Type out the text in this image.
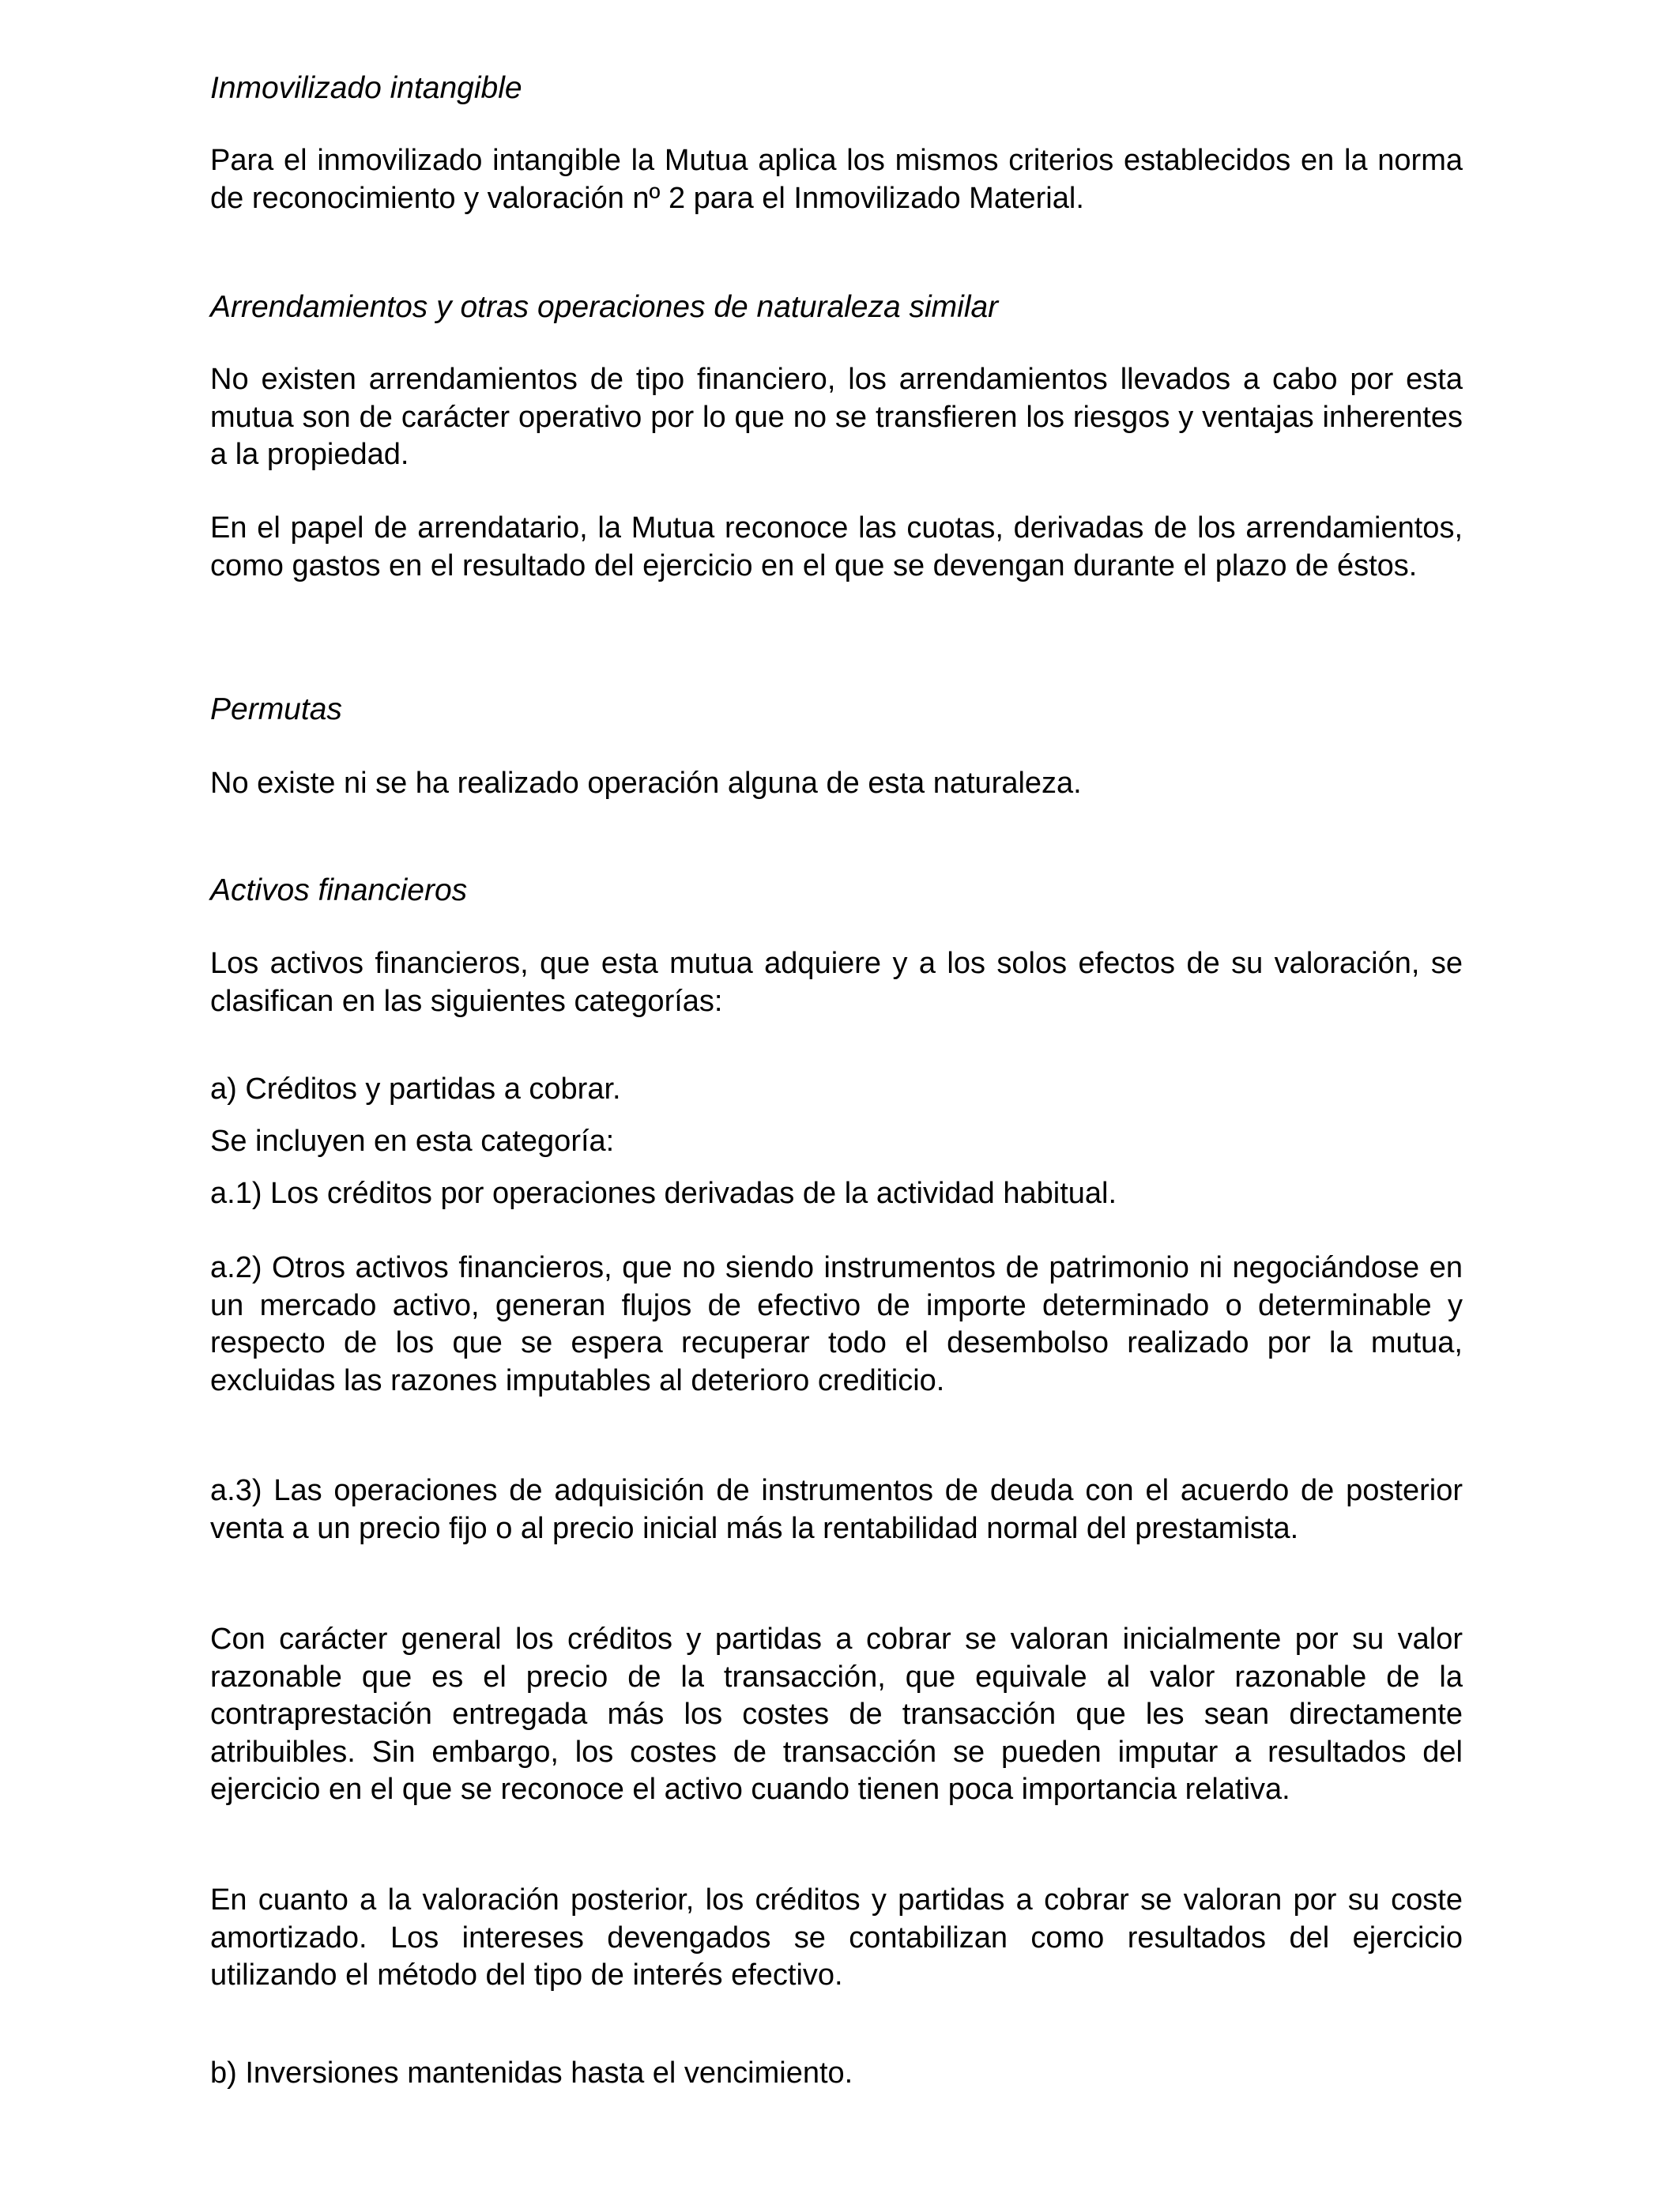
Inmovilizado intangible

Para el inmovilizado intangible la Mutua aplica los mismos criterios establecidos en la norma de reconocimiento y valoración nº 2 para el Inmovilizado Material.

Arrendamientos y otras operaciones de naturaleza similar

No existen arrendamientos de tipo financiero, los arrendamientos llevados a cabo por esta mutua son de carácter operativo por lo que no se transfieren los riesgos y ventajas inherentes a la propiedad.

En el papel de arrendatario, la Mutua reconoce las cuotas, derivadas de los arrendamientos, como gastos en el resultado del ejercicio en el que se devengan durante el plazo de éstos.

Permutas

No existe ni se ha realizado operación alguna de esta naturaleza.

Activos financieros

Los activos financieros, que esta mutua adquiere y a los solos efectos de su valoración, se clasifican en las siguientes categorías:

a) Créditos y partidas a cobrar.

Se incluyen en esta categoría:

a.1) Los créditos por operaciones derivadas de la actividad habitual.

a.2) Otros activos financieros, que no siendo instrumentos de patrimonio ni negociándose en un mercado activo, generan flujos de efectivo de importe determinado o determinable y respecto de los que se espera recuperar todo el desembolso realizado por la mutua, excluidas las razones imputables al deterioro crediticio.

a.3) Las operaciones de adquisición de instrumentos de deuda con el acuerdo de posterior venta a un precio fijo o al precio inicial más la rentabilidad normal del prestamista.

Con carácter general los créditos y partidas a cobrar se valoran inicialmente por su valor razonable que es el precio de la transacción, que equivale al valor razonable de la contraprestación entregada más los costes de transacción que les sean directamente atribuibles. Sin embargo, los costes de transacción se pueden imputar a resultados del ejercicio en el que se reconoce el activo cuando tienen poca importancia relativa.

En cuanto a la valoración posterior, los créditos y partidas a cobrar se valoran por su coste amortizado. Los intereses devengados se contabilizan como resultados del ejercicio utilizando el método del tipo de interés efectivo.

b) Inversiones mantenidas hasta el vencimiento.
